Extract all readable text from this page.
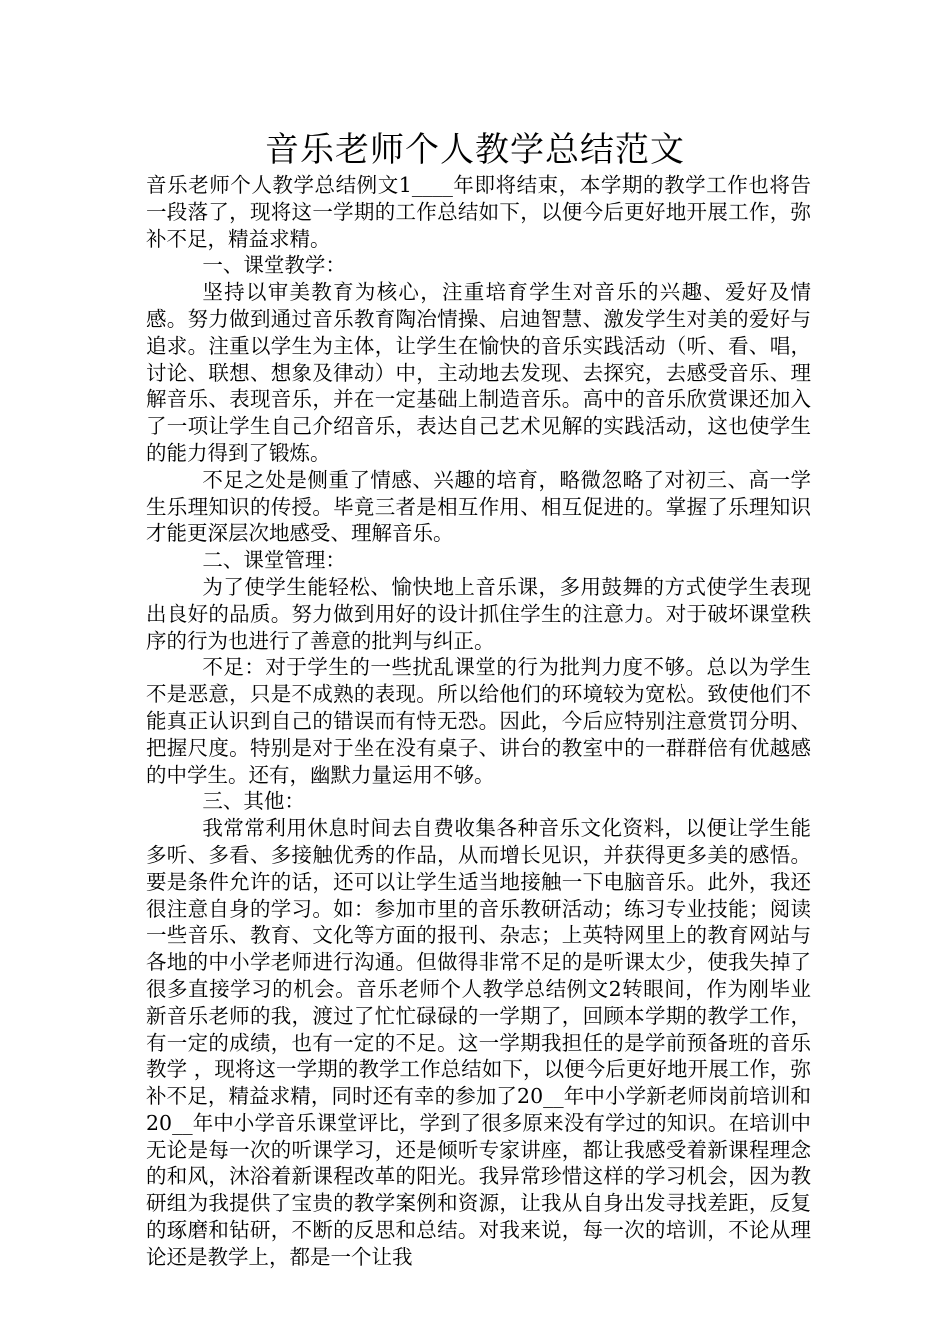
音乐老师个人教学总结范文

音乐老师个人教学总结例文1____年即将结束，本学期的教学工作也将告一段落了，现将这一学期的工作总结如下，以便今后更好地开展工作，弥补不足，精益求精。

一、课堂教学：

坚持以审美教育为核心，注重培育学生对音乐的兴趣、爱好及情感。努力做到通过音乐教育陶冶情操、启迪智慧、激发学生对美的爱好与追求。注重以学生为主体，让学生在愉快的音乐实践活动（听、看、唱，讨论、联想、想象及律动）中，主动地去发现、去探究，去感受音乐、理解音乐、表现音乐，并在一定基础上制造音乐。高中的音乐欣赏课还加入了一项让学生自己介绍音乐，表达自己艺术见解的实践活动，这也使学生的能力得到了锻炼。

不足之处是侧重了情感、兴趣的培育，略微忽略了对初三、高一学生乐理知识的传授。毕竟三者是相互作用、相互促进的。掌握了乐理知识才能更深层次地感受、理解音乐。

二、课堂管理：

为了使学生能轻松、愉快地上音乐课，多用鼓舞的方式使学生表现出良好的品质。努力做到用好的设计抓住学生的注意力。对于破坏课堂秩序的行为也进行了善意的批判与纠正。

不足：对于学生的一些扰乱课堂的行为批判力度不够。总以为学生不是恶意，只是不成熟的表现。所以给他们的环境较为宽松。致使他们不能真正认识到自己的错误而有恃无恐。因此，今后应特别注意赏罚分明、把握尺度。特别是对于坐在没有桌子、讲台的教室中的一群群倍有优越感的中学生。还有，幽默力量运用不够。

三、其他：

我常常利用休息时间去自费收集各种音乐文化资料，以便让学生能多听、多看、多接触优秀的作品，从而增长见识，并获得更多美的感悟。要是条件允许的话，还可以让学生适当地接触一下电脑音乐。此外，我还很注意自身的学习。如：参加市里的音乐教研活动；练习专业技能；阅读一些音乐、教育、文化等方面的报刊、杂志；上英特网里上的教育网站与各地的中小学老师进行沟通。但做得非常不足的是听课太少，使我失掉了很多直接学习的机会。音乐老师个人教学总结例文2转眼间，作为刚毕业新音乐老师的我，渡过了忙忙碌碌的一学期了，回顾本学期的教学工作，有一定的成绩，也有一定的不足。这一学期我担任的是学前预备班的音乐教学 ，现将这一学期的教学工作总结如下，以便今后更好地开展工作，弥补不足，精益求精，同时还有幸的参加了20__年中小学新老师岗前培训和20__年中小学音乐课堂评比，学到了很多原来没有学过的知识。在培训中无论是每一次的听课学习，还是倾听专家讲座，都让我感受着新课程理念的和风，沐浴着新课程改革的阳光。我异常珍惜这样的学习机会，因为教研组为我提供了宝贵的教学案例和资源，让我从自身出发寻找差距，反复的琢磨和钻研，不断的反思和总结。对我来说，每一次的培训，不论从理论还是教学上，都是一个让我
